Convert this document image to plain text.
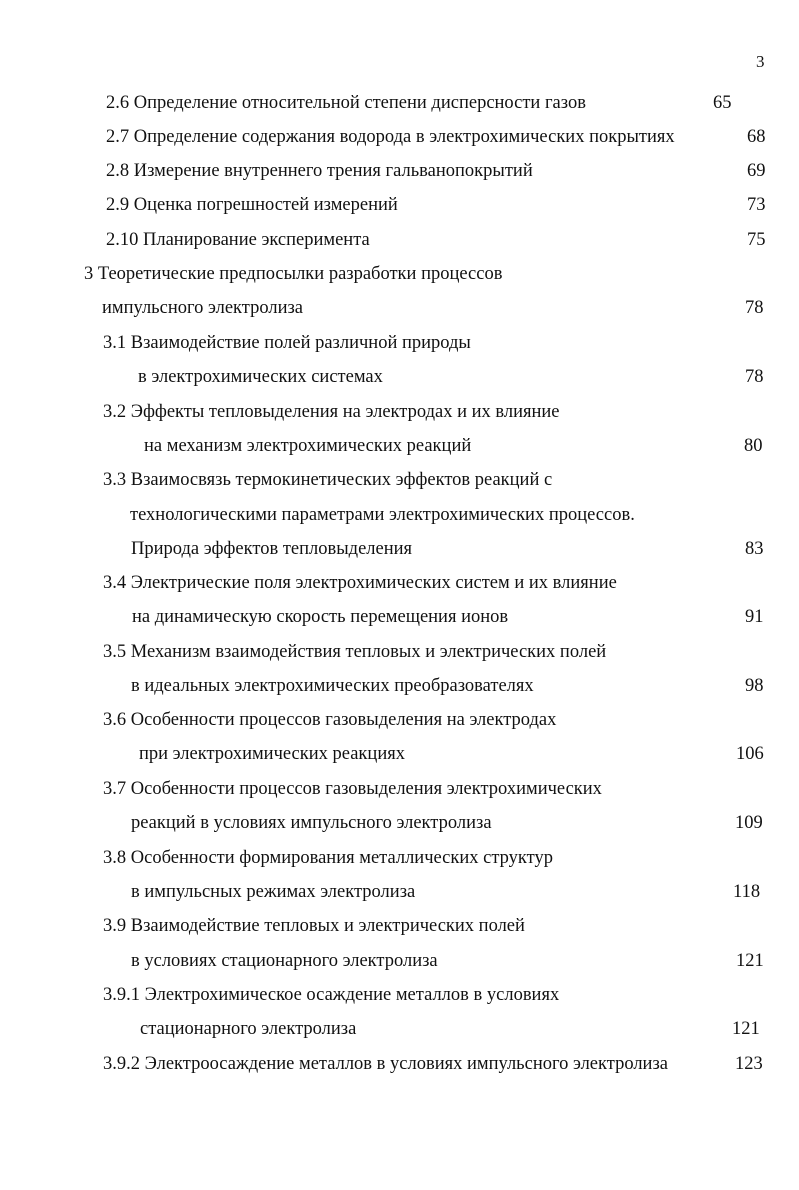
3
2.6 Определение относительной степени дисперсности газов	65
2.7 Определение содержания водорода в электрохимических покрытиях	68
2.8 Измерение внутреннего трения гальванопокрытий	69
2.9 Оценка погрешностей измерений	73
2.10 Планирование эксперимента	75
3 Теоретические предпосылки разработки процессов
импульсного электролиза	78
3.1 Взаимодействие полей различной природы
в электрохимических системах	78
3.2 Эффекты тепловыделения на электродах и их влияние
на механизм электрохимических реакций	80
3.3 Взаимосвязь термокинетических эффектов реакций с
технологическими параметрами электрохимических процессов.
Природа эффектов тепловыделения	83
3.4 Электрические поля электрохимических систем и их влияние
на динамическую скорость перемещения ионов	91
3.5 Механизм взаимодействия тепловых и электрических полей
в идеальных электрохимических преобразователях	98
3.6 Особенности процессов газовыделения на электродах
при электрохимических реакциях	106
3.7 Особенности процессов газовыделения электрохимических
реакций в условиях импульсного электролиза	109
3.8 Особенности формирования металлических структур
в импульсных режимах электролиза	118
3.9 Взаимодействие тепловых и электрических полей
в условиях стационарного электролиза	121
3.9.1 Электрохимическое осаждение металлов в условиях
стационарного электролиза	121
3.9.2 Электроосаждение металлов в условиях импульсного электролиза	123
